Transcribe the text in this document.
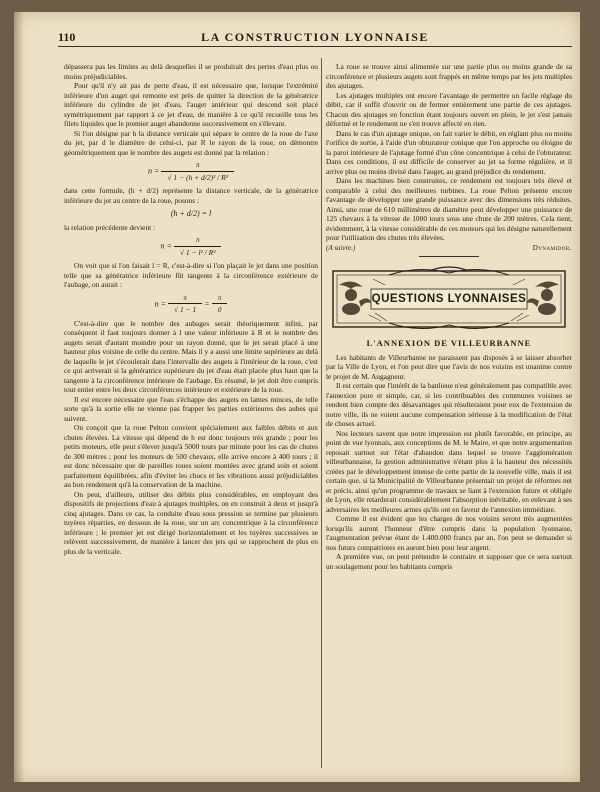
110	LA CONSTRUCTION LYONNAISE

dépassera pas les limites au delà desquelles il se produirait des pertes d'eau plus ou moins préjudiciables.

Pour qu'il n'y ait pas de perte d'eau, il est nécessaire que, lorsque l'extrémité inférieure d'un auget qui remonte est près de quitter la direction de la génératrice inférieure du cylindre de jet d'eau, l'auget antérieur qui descend soit placé symétriquement par rapport à ce jet d'eau, de manière à ce qu'il recueille tous les filets liquides que le premier auget abandonne successivement en s'élevant.

Si l'on désigne par h la distance verticale qui sépare le centre de la roue de l'axe du jet, par d le diamètre de celui-ci, par R le rayon de la roue, on démontre géométriquement que le nombre des augets est donné par la relation :

$n = \frac{\pi}{\text{√ 1 − (h + d/2)² / R²}}$

dans cette formule, (h + d/2) représente la distance verticale, de la génératrice inférieure du jet au centre de la roue, posons :

(h + d/2) = l

la relation précédente devient :

$n = \frac{\pi}{\text{√ 1 − l² / R²}}$

On voit que si l'on faisait l = R, c'est-à-dire si l'on plaçait le jet dans une position telle que sa génératrice inférieure fût tangente à la circonférence extérieure de l'aubage, on aurait :

$n = \frac{\pi}{√ 1 - 1} = \frac{\pi}{0}$

C'est-à-dire que le nombre des aubages serait théoriquement infini, par conséquent il faut toujours donner à l une valeur inférieure à R et le nombre des augets serait d'autant moindre pour un rayon donné, que le jet serait placé à une hauteur plus voisine de celle du centre. Mais il y a aussi une limite supérieure au delà de laquelle le jet s'écoulerait dans l'intervalle des augets à l'intérieur de la roue, c'est ce qui arriverait si la génératrice supérieure du jet d'eau était placée plus haut que la tangente à la circonférence intérieure de l'aubage. En résumé, le jet doit être compris tout entier entre les deux circonférences intérieure et extérieure de la roue.

Il est encore nécessaire que l'eau s'échappe des augets en lames minces, de telle sorte qu'à la sortie elle ne vienne pas frapper les parties extérieures des aubes qui suivent.

On conçoit que la roue Pelton convient spécialement aux faibles débits et aux chutes élevées. La vitesse qui dépend de h est donc toujours très grande ; pour les petits moteurs, elle peut s'élever jusqu'à 5000 tours par minute pour les cas de chutes de 300 mètres ; pour les moteurs de 500 chevaux, elle arrive encore à 400 tours ; il est donc nécessaire que de pareilles roues soient montées avec grand soin et soient parfaitement équilibrées, afin d'éviter les chocs et les vibrations aussi préjudiciables au bon rendement qu'à la conservation de la machine.

On peut, d'ailleurs, utiliser des débits plus considérables, en employant des dispositifs de projections d'eau à ajutages multiples, on en construit à deux et jusqu'à cinq ajutages. Dans ce cas, la conduite d'eau sous pression se termine par plusieurs tuyères réparties, en dessous de la roue, sur un arc concentrique à la circonférence inférieure ; le premier jet est dirigé horizontalement et les tuyères successives se relèvent successivement, de manière à lancer des jets qui se rapprochent de plus en plus de la verticale.

La roue se trouve ainsi alimentée sur une partie plus ou moins grande de sa circonférence et plusieurs augets sont frappés en même temps par les jets multiples des ajutages.

Les ajutages multiples ont encore l'avantage de permettre un facile réglage du débit, car il suffit d'ouvrir ou de fermer entièrement une partie de ces ajutages. Chacun des ajutages en fonction étant toujours ouvert en plein, le jet s'est jamais déformé et le rendement ne s'en trouve affecté en rien.

Dans le cas d'un ajutage unique, on fait varier le débit, en réglant plus ou moins l'orifice de sortie, à l'aide d'un obturateur conique que l'on approche ou éloigne de la paroi intérieure de l'ajutage formé d'un cône concentrique à celui de l'obturateur. Dans ces conditions, il est difficile de conserver au jet sa forme régulière, et il arrive plus ou moins divisé dans l'auget, au grand préjudice du rendement.

Dans les machines bien construites, ce rendement est toujours très élevé et comparable à celui des meilleures turbines. La roue Pelton présente encore l'avantage de développer une grande puissance avec des dimensions très réduites. Ainsi, une roue de 610 millimètres de diamètre peut développer une puissance de 125 chevaux à la vitesse de 1000 tours sous une chute de 200 mètres. Cela tient, évidemment, à la vitesse considérable de ces moteurs qui les désigne naturellement pour l'utilisation des chutes très élevées.

(A suivre.)	Dynamidor.
QUESTIONS LYONNAISES
L'ANNEXION DE VILLEURBANNE

Les habitants de Villeurbanne ne paraissent pas disposés à se laisser absorber par la Ville de Lyon, et l'on peut dire que l'avis de nos voisins est unanime contre le projet de M. Augagneur.

Il est certain que l'intérêt de la banlieue n'est généralement pas compatible avec l'annexion pure et simple, car, si les contribuables des communes voisines se rendent bien compte des désavantages qui résulteraient pour eux de l'extension de notre ville, ils ne voient aucune compensation sérieuse à la modification de l'état de choses actuel.

Nos lecteurs savent que notre impression est plutôt favorable, en principe, au point de vue lyonnais, aux conceptions de M. le Maire, et que notre argumentation reposait surtout sur l'état d'abandon dans lequel se trouve l'agglomération villeurbannaise, la gestion administrative n'étant plus à la hauteur des nécessités créées par le développement intense de cette partie de la nouvelle ville, mais il est certain que, si la Municipalité de Villeurbanne présentait un projet de réformes net et précis, ainsi qu'un programme de travaux se liant à l'extension future et obligée de Lyon, elle retarderait considérablement l'absorption inévitable, en enlevant à ses adversaires les meilleures armes qu'ils ont en faveur de l'annexion immédiate.

Comme il est évident que les charges de nos voisins seront très augmentées lorsqu'ils auront l'honneur d'être compris dans la population lyonnaise, l'augmentation prévue étant de 1.400.000 francs par an, l'on peut se demander si nos futurs compatriotes en auront bien pour leur argent.

A première vue, on peut prétendre le contraire et supposer que ce sera surtout un soulagement pour les habitants compris
